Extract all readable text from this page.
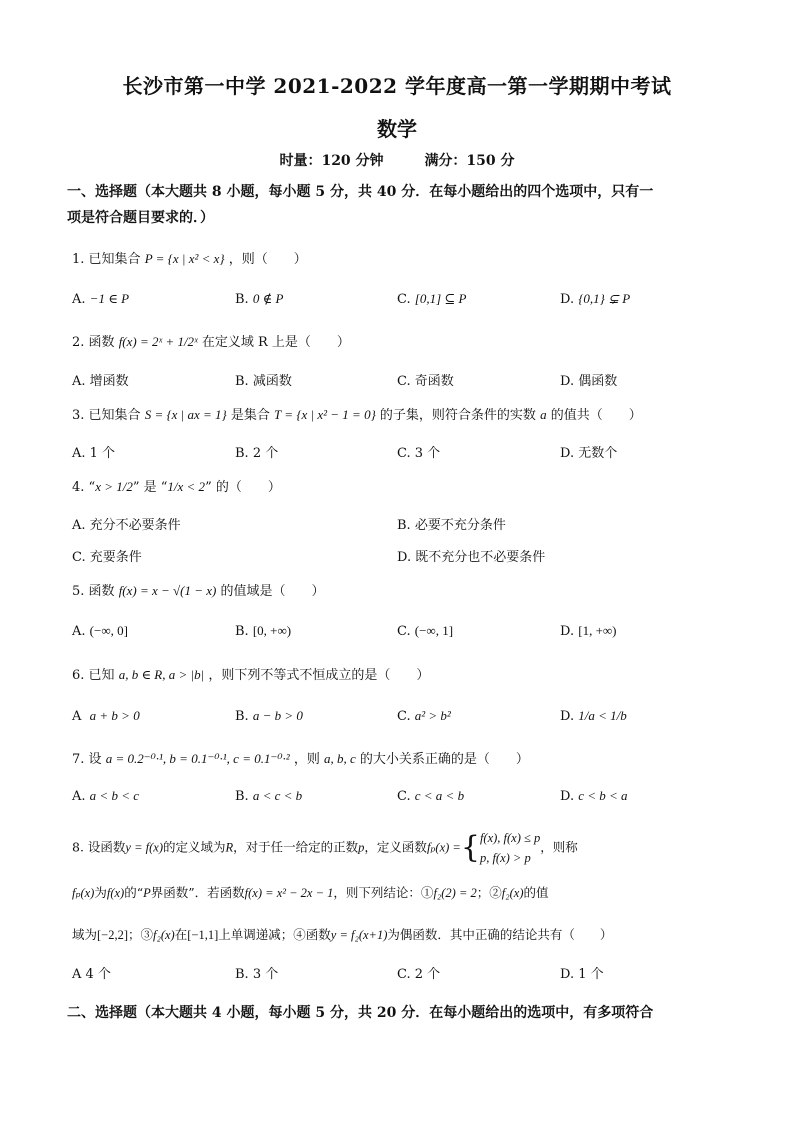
长沙市第一中学 2021-2022 学年度高一第一学期期中考试
数学
时量：120 分钟	满分：150 分
一、选择题（本大题共 8 小题，每小题 5 分，共 40 分．在每小题给出的四个选项中，只有一
项是符合题目要求的．）
1. 已知集合 P = {x | x² < x} ，则（　　）
A. −1 ∈ P	B. 0 ∉ P	C. [0,1] ⊆ P	D. {0,1} ⊊ P
2. 函数 f(x) = 2ˣ + 1/2ˣ 在定义域 R 上是（　　）
A. 增函数	B. 减函数	C. 奇函数	D. 偶函数
3. 已知集合 S = {x | ax = 1} 是集合 T = {x | x² − 1 = 0} 的子集，则符合条件的实数 a 的值共（　　）
A. 1 个	B. 2 个	C. 3 个	D. 无数个
4. “x > 1/2” 是 “1/x < 2” 的（　　）
A. 充分不必要条件	B. 必要不充分条件
C. 充要条件	D. 既不充分也不必要条件
5. 函数 f(x) = x − √(1 − x) 的值域是（　　）
A. (−∞, 0]	B. [0, +∞)	C. (−∞, 1]	D. [1, +∞)
6. 已知 a, b ∈ R, a > |b| ，则下列不等式不恒成立的是（　　）
A a + b > 0	B. a − b > 0	C. a² > b²	D. 1/a < 1/b
7. 设 a = 0.2⁻⁰·¹, b = 0.1⁻⁰·¹, c = 0.1⁻⁰·² ，则 a, b, c 的大小关系正确的是（　　）
A. a < b < c	B. a < c < b	C. c < a < b	D. c < b < a
8. 设函数y = f(x)的定义域为R，对于任一给定的正数p，定义函数fₚ(x) ={ f(x), f(x) ≤ p
p, f(x) > p
，则称
fₚ(x)为f(x)的“P界函数”．若函数f(x) = x² − 2x − 1，则下列结论：①f₂(2) = 2；②f₂(x)的值
域为[−2,2]；③f₂(x)在[−1,1]上单调递减；④函数y = f₂(x+1)为偶函数．其中正确的结论共有（　　）
A 4 个	B. 3 个	C. 2 个	D. 1 个
二、选择题（本大题共 4 小题，每小题 5 分，共 20 分．在每小题给出的选项中，有多项符合
